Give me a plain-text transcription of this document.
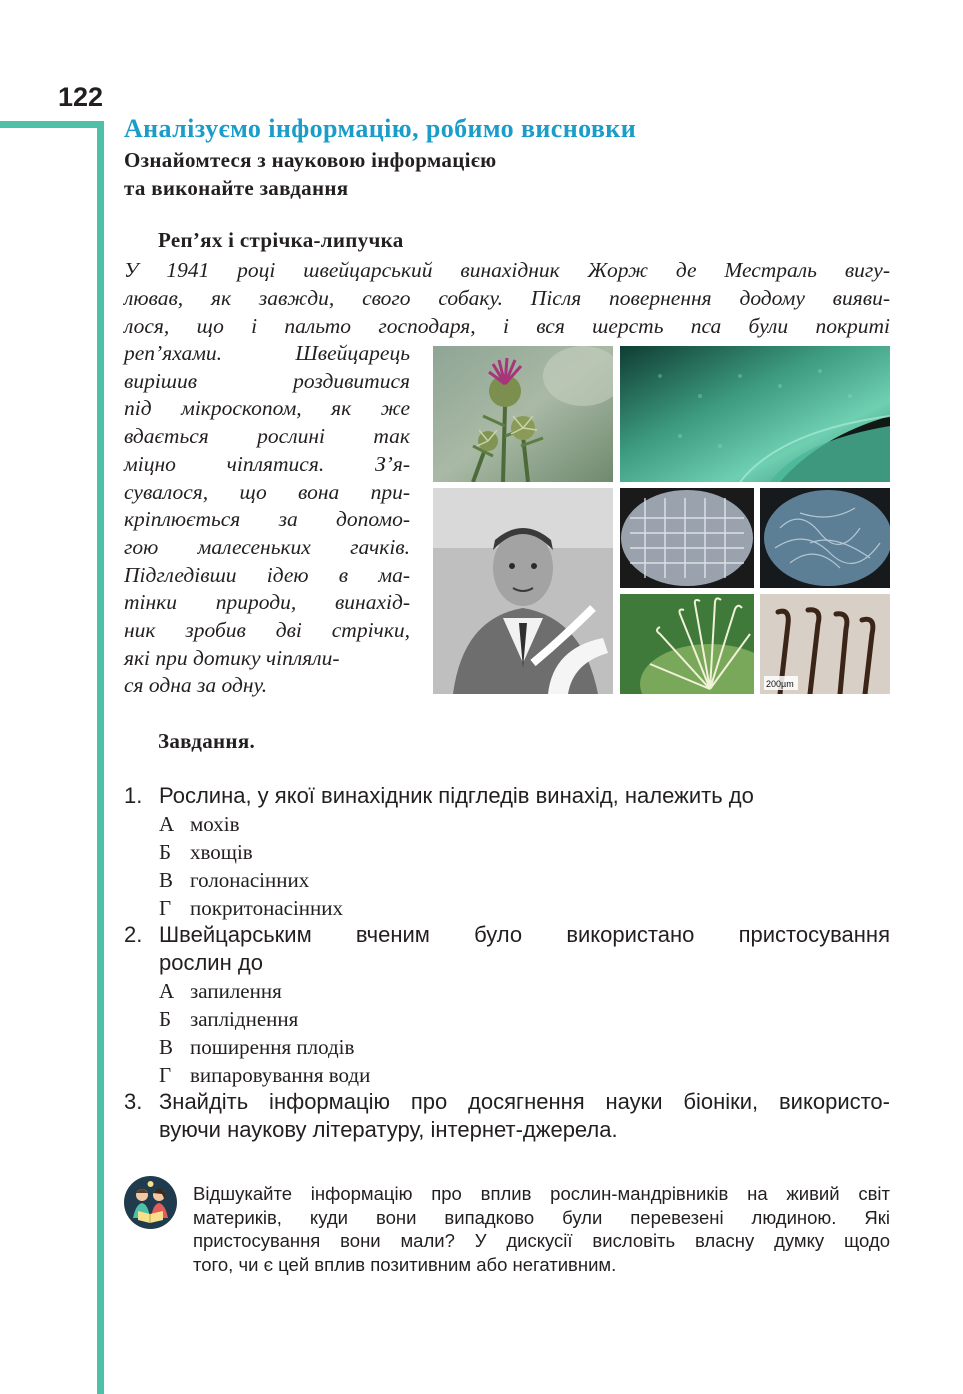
122
Аналізуємо інформацію, робимо висновки
Ознайомтеся з науковою інформацією
та виконайте завдання
Реп’ях і стрічка-липучка
У 1941 році швейцарський винахідник Жорж де Местраль вигу-
лював, як завжди, свого собаку. Після повернення додому вияви-
лося, що і пальто господаря, і вся шерсть пса були покриті
реп’яхами. Швейцарець
вирішив роздивитися
під мікроскопом, як же
вдається рослині так
міцно чіплятися. З’я-
сувалося, що вона при-
кріплюється за допомо-
гою малесеньких гачків.
Підгледівши ідею в ма-
тінки природи, винахід-
ник зробив дві стрічки,
які при дотику чіпляли-
ся одна за одну.	200µm
Завдання.
1. Рослина, у якої винахідник підгледів винахід, належить до
А мохів
Б хвощів
В голонасінних
Г покритонасінних
2. Швейцарським вченим було використано пристосування
рослин до
А запилення
Б запліднення
В поширення плодів
Г випаровування води
3. Знайдіть інформацію про досягнення науки біоніки, використо-
вуючи наукову літературу, інтернет-джерела.
Відшукайте інформацію про вплив рослин-мандрівників на живий світ
материків, куди вони випадково були перевезені людиною. Які
пристосування вони мали? У дискусії висловіть власну думку щодо
того, чи є цей вплив позитивним або негативним.
